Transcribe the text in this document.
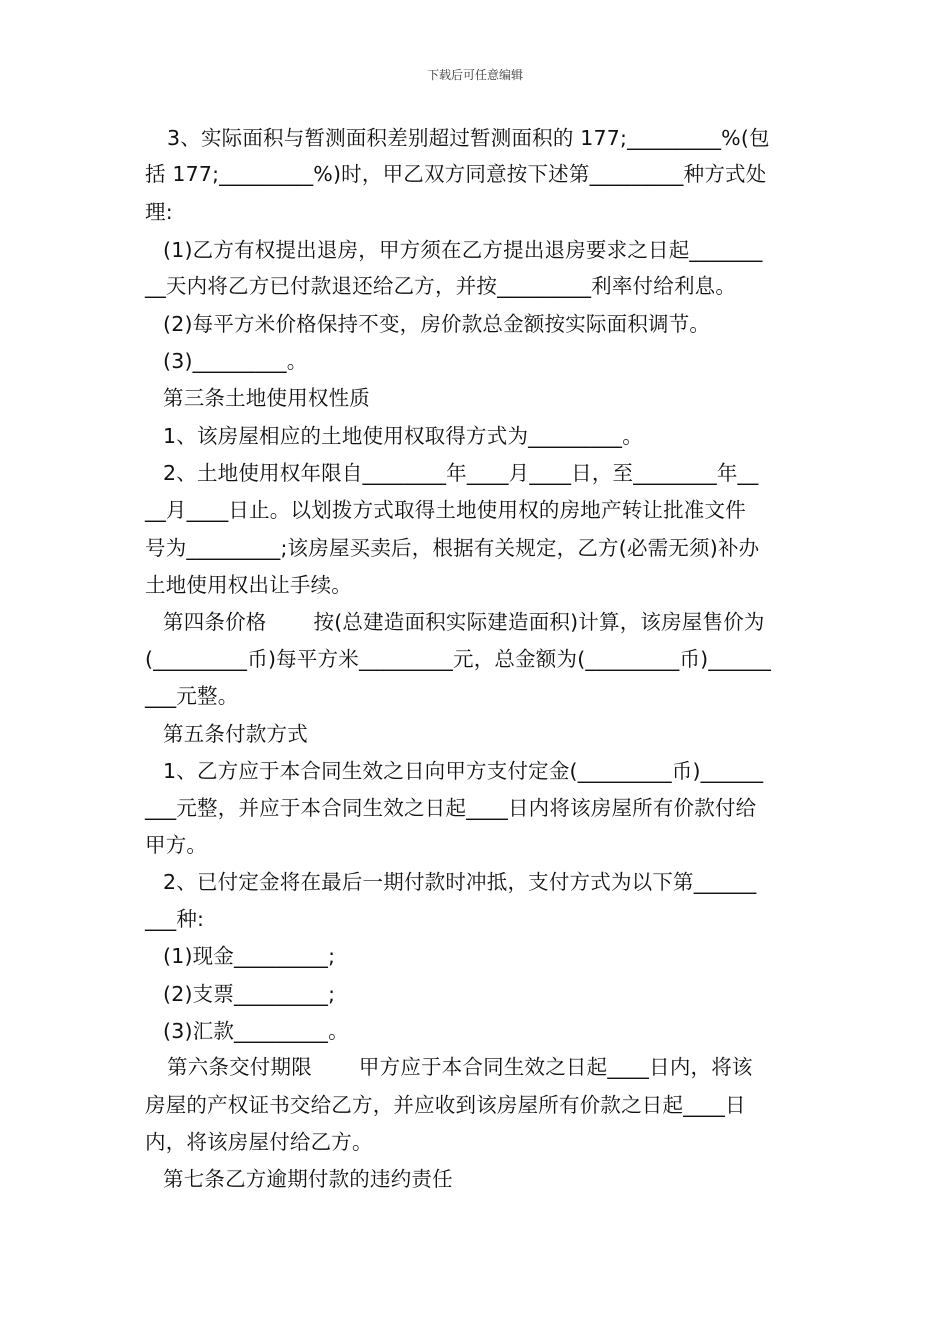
下载后可任意编辑
3、实际面积与暂测面积差别超过暂测面积的 177;_________%(包
括 177;_________%)时，甲乙双方同意按下述第_________种方式处
理:
(1)乙方有权提出退房，甲方须在乙方提出退房要求之日起_______
__天内将乙方已付款退还给乙方，并按_________利率付给利息。
(2)每平方米价格保持不变，房价款总金额按实际面积调节。
(3)_________。
第三条土地使用权性质
1、该房屋相应的土地使用权取得方式为_________。
2、土地使用权年限自________年____月____日，至________年__
__月____日止。以划拨方式取得土地使用权的房地产转让批准文件
号为_________;该房屋买卖后，根据有关规定，乙方(必需无须)补办
土地使用权出让手续。
第四条价格       按(总建造面积实际建造面积)计算，该房屋售价为
(_________币)每平方米_________元，总金额为(_________币)______
___元整。
第五条付款方式
1、乙方应于本合同生效之日向甲方支付定金(_________币)______
___元整，并应于本合同生效之日起____日内将该房屋所有价款付给
甲方。
2、已付定金将在最后一期付款时冲抵，支付方式为以下第______
___种:
(1)现金_________;
(2)支票_________;
(3)汇款_________。
第六条交付期限       甲方应于本合同生效之日起____日内，将该
房屋的产权证书交给乙方，并应收到该房屋所有价款之日起____日
内，将该房屋付给乙方。
第七条乙方逾期付款的违约责任
